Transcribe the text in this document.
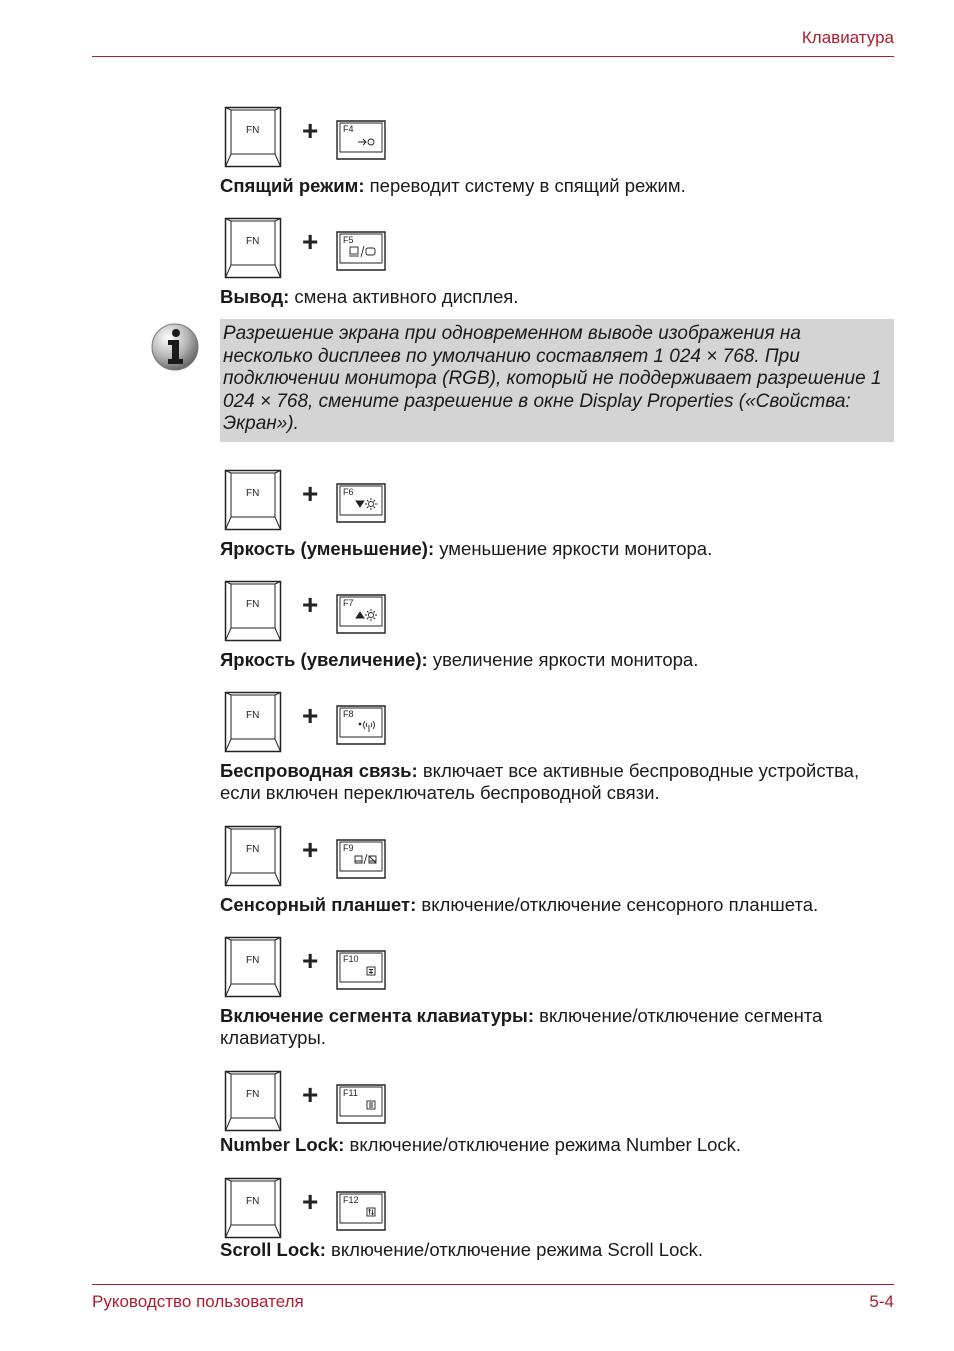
Клавиатура
FN +	F4
Спящий режим: переводит систему в спящий режим.
FN +	F5
Вывод: смена активного дисплея.
Разрешение экрана при одновременном выводе изображения на несколько дисплеев по умолчанию составляет 1 024 × 768. При подключении монитора (RGB), который не поддерживает разрешение 1 024 × 768, смените разрешение в окне Display Properties («Свойства: Экран»).
FN +	F6
Яркость (уменьшение): уменьшение яркости монитора.
FN +	F7
Яркость (увеличение): увеличение яркости монитора.
FN +	F8
Беспроводная связь: включает все активные беспроводные устройства, если включен переключатель беспроводной связи.
FN +	F9
Сенсорный планшет: включение/отключение сенсорного планшета.
FN +	F10
Включение сегмента клавиатуры: включение/отключение сегмента клавиатуры.
FN +	F11
Number Lock: включение/отключение режима Number Lock.
FN +	F12
Scroll Lock: включение/отключение режима Scroll Lock.
Руководство пользователя	5-4
